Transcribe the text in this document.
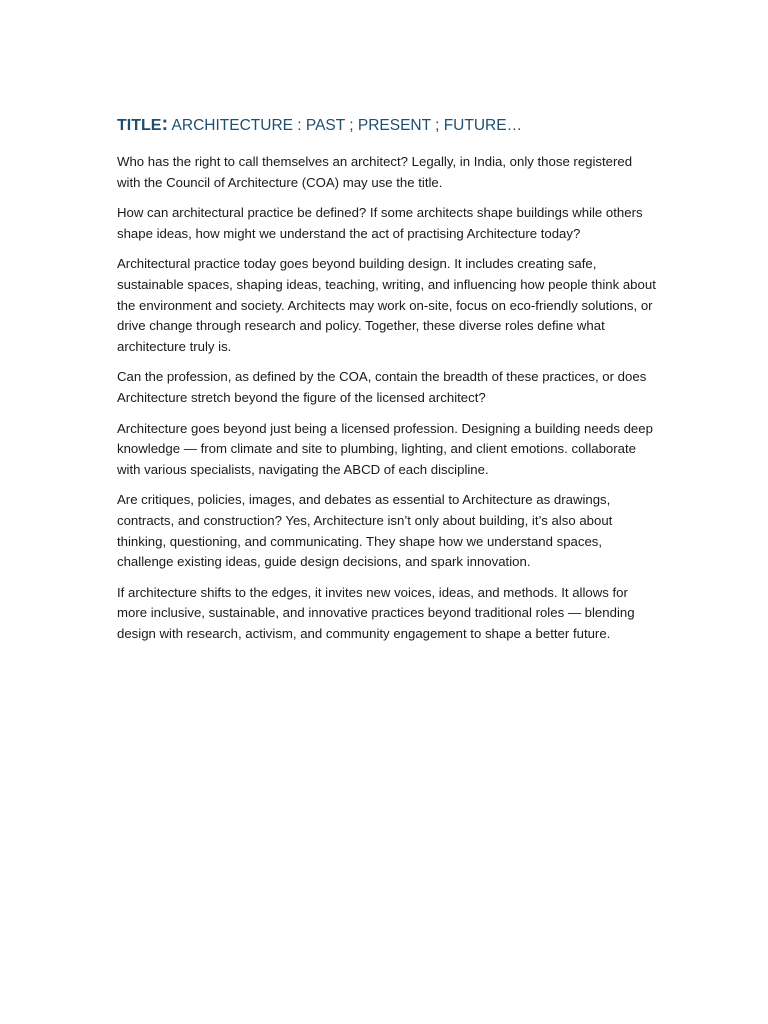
TITLE: ARCHITECTURE : PAST ; PRESENT ; FUTURE…

Who has the right to call themselves an architect? Legally, in India, only those registered with the Council of Architecture (COA) may use the title.

How can architectural practice be defined? If some architects shape buildings while others shape ideas, how might we understand the act of practising Architecture today?

Architectural practice today goes beyond building design. It includes creating safe, sustainable spaces, shaping ideas, teaching, writing, and influencing how people think about the environment and society. Architects may work on-site, focus on eco-friendly solutions, or drive change through research and policy. Together, these diverse roles define what architecture truly is.

Can the profession, as defined by the COA, contain the breadth of these practices, or does Architecture stretch beyond the figure of the licensed architect?

Architecture goes beyond just being a licensed profession. Designing a building needs deep knowledge — from climate and site to plumbing, lighting, and client emotions. collaborate with various specialists, navigating the ABCD of each discipline.

Are critiques, policies, images, and debates as essential to Architecture as drawings, contracts, and construction? Yes, Architecture isn’t only about building, it’s also about thinking, questioning, and communicating. They shape how we understand spaces, challenge existing ideas, guide design decisions, and spark innovation.

If architecture shifts to the edges, it invites new voices, ideas, and methods. It allows for more inclusive, sustainable, and innovative practices beyond traditional roles — blending design with research, activism, and community engagement to shape a better future.
